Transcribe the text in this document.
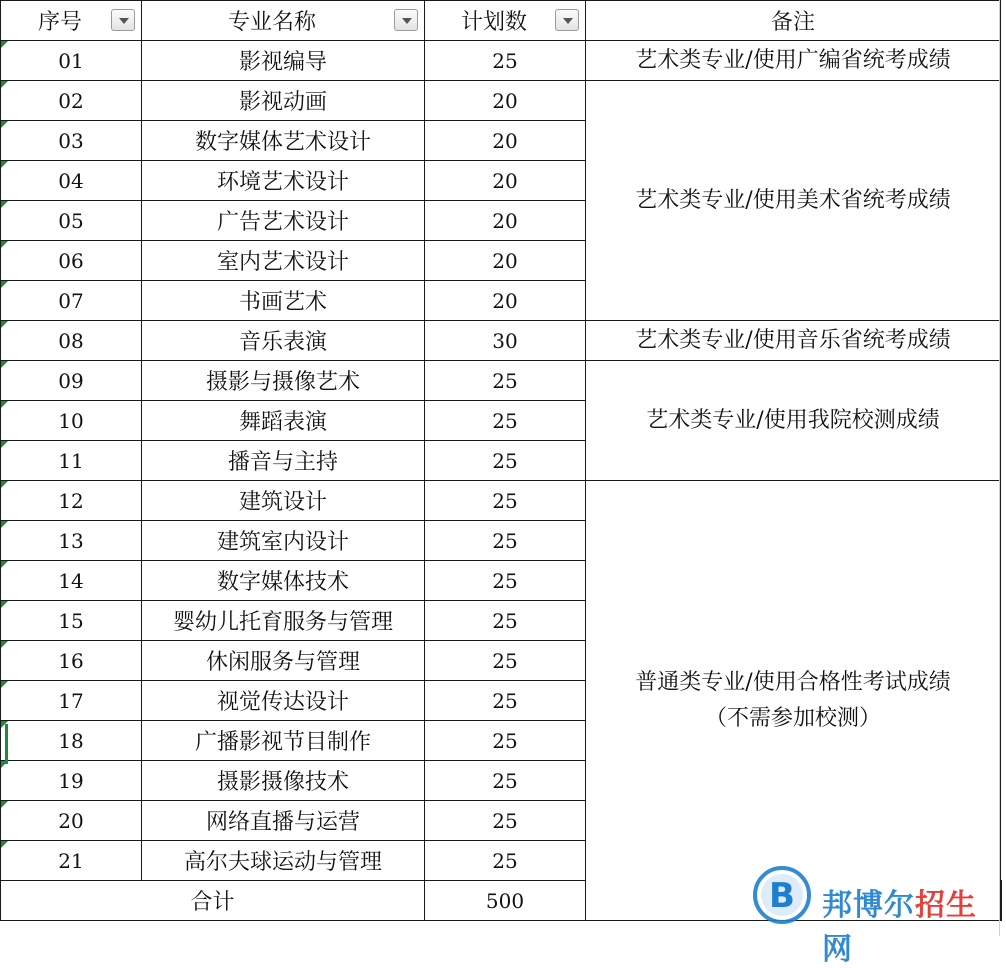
序号	专业名称	计划数	备注	
01	影视编导	25	艺术类专业/使用广编省统考成绩	
02	影视动画	20	艺术类专业/使用美术省统考成绩	
03	数字媒体艺术设计	20		
04	环境艺术设计	20		
05	广告艺术设计	20		
06	室内艺术设计	20		
07	书画艺术	20		
08	音乐表演	30	艺术类专业/使用音乐省统考成绩	
09	摄影与摄像艺术	25	艺术类专业/使用我院校测成绩	
10	舞蹈表演	25		
11	播音与主持	25		
12	建筑设计	25	普通类专业/使用合格性考试成绩
（不需参加校测）	

13	建筑室内设计	25		
14	数字媒体技术	25		
15	婴幼儿托育服务与管理	25		
16	休闲服务与管理	25		
17	视觉传达设计	25		
18	广播影视节目制作	25		
19	摄影摄像技术	25		
20	网络直播与运营	25		
21	高尔夫球运动与管理	25		
合计		500			B 邦博尔招生网
